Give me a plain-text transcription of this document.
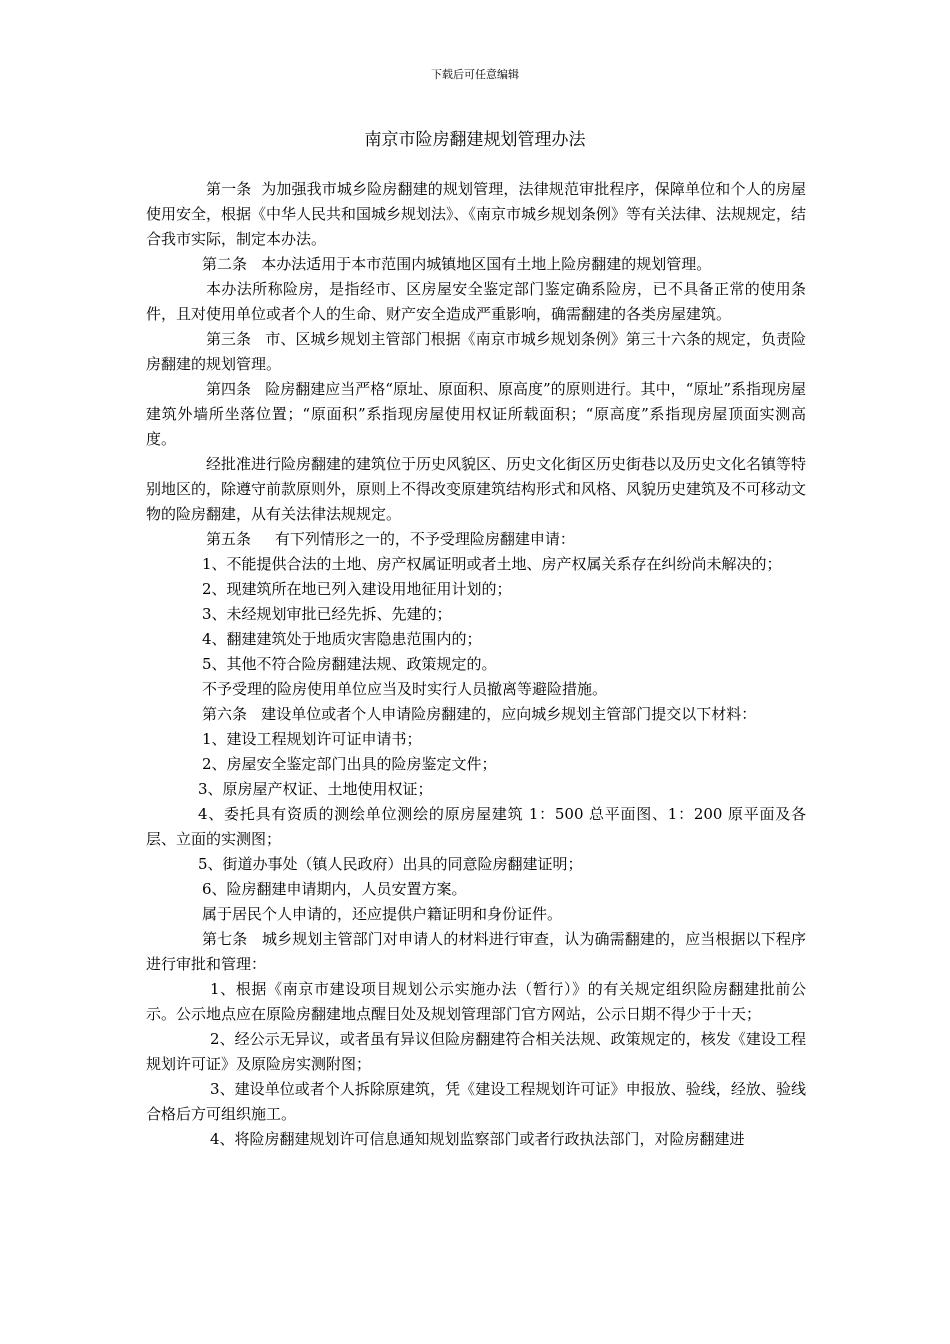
下载后可任意编辑
南京市险房翻建规划管理办法

第一条  为加强我市城乡险房翻建的规划管理，法律规范审批程序，保障单位和个人的房屋使用安全，根据《中华人民共和国城乡规划法》、《南京市城乡规划条例》等有关法律、法规规定，结合我市实际，制定本办法。

第二条   本办法适用于本市范围内城镇地区国有土地上险房翻建的规划管理。

本办法所称险房，是指经市、区房屋安全鉴定部门鉴定确系险房，已不具备正常的使用条件，且对使用单位或者个人的生命、财产安全造成严重影响，确需翻建的各类房屋建筑。

第三条   市、区城乡规划主管部门根据《南京市城乡规划条例》第三十六条的规定，负责险房翻建的规划管理。

第四条   险房翻建应当严格“原址、原面积、原高度”的原则进行。其中，“原址”系指现房屋建筑外墙所坐落位置；“原面积”系指现房屋使用权证所载面积；“原高度”系指现房屋顶面实测高度。

经批准进行险房翻建的建筑位于历史风貌区、历史文化街区历史街巷以及历史文化名镇等特别地区的，除遵守前款原则外，原则上不得改变原建筑结构形式和风格、风貌历史建筑及不可移动文物的险房翻建，从有关法律法规规定。

第五条     有下列情形之一的，不予受理险房翻建申请：

1、不能提供合法的土地、房产权属证明或者土地、房产权属关系存在纠纷尚未解决的；

2、现建筑所在地已列入建设用地征用计划的；

3、未经规划审批已经先拆、先建的；

4、翻建建筑处于地质灾害隐患范围内的；

5、其他不符合险房翻建法规、政策规定的。

不予受理的险房使用单位应当及时实行人员撤离等避险措施。

第六条   建设单位或者个人申请险房翻建的，应向城乡规划主管部门提交以下材料：

1、建设工程规划许可证申请书；

2、房屋安全鉴定部门出具的险房鉴定文件；

3、原房屋产权证、土地使用权证；

4、委托具有资质的测绘单位测绘的原房屋建筑 1：500 总平面图、1：200 原平面及各层、立面的实测图；

5、街道办事处（镇人民政府）出具的同意险房翻建证明；

6、险房翻建申请期内，人员安置方案。

属于居民个人申请的，还应提供户籍证明和身份证件。

第七条   城乡规划主管部门对申请人的材料进行审查，认为确需翻建的，应当根据以下程序进行审批和管理：

1、根据《南京市建设项目规划公示实施办法（暂行）》的有关规定组织险房翻建批前公示。公示地点应在原险房翻建地点醒目处及规划管理部门官方网站，公示日期不得少于十天；

2、经公示无异议，或者虽有异议但险房翻建符合相关法规、政策规定的，核发《建设工程规划许可证》及原险房实测附图；

3、建设单位或者个人拆除原建筑，凭《建设工程规划许可证》申报放、验线，经放、验线合格后方可组织施工。

4、将险房翻建规划许可信息通知规划监察部门或者行政执法部门，对险房翻建进
